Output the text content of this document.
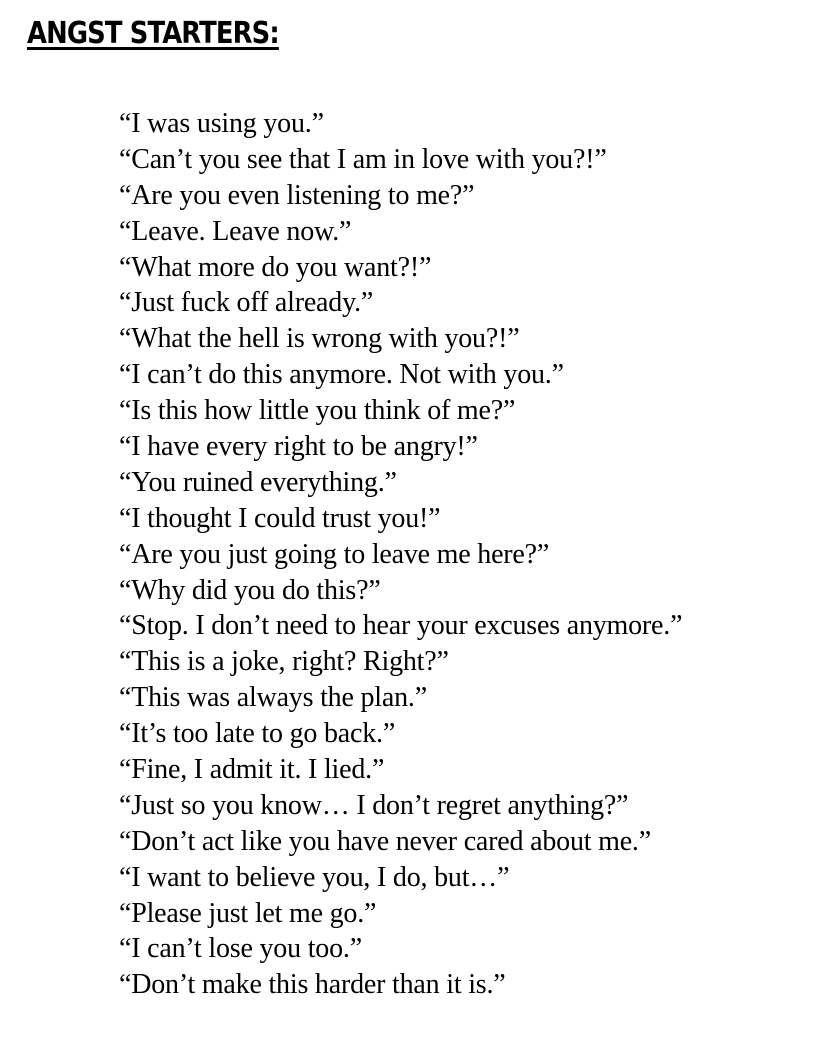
ANGST STARTERS:
“I was using you.”
“Can’t you see that I am in love with you?!”
“Are you even listening to me?”
“Leave. Leave now.”
“What more do you want?!”
“Just fuck off already.”
“What the hell is wrong with you?!”
“I can’t do this anymore. Not with you.”
“Is this how little you think of me?”
“I have every right to be angry!”
“You ruined everything.”
“I thought I could trust you!”
“Are you just going to leave me here?”
“Why did you do this?”
“Stop. I don’t need to hear your excuses anymore.”
“This is a joke, right? Right?”
“This was always the plan.”
“It’s too late to go back.”
“Fine, I admit it. I lied.”
“Just so you know… I don’t regret anything?”
“Don’t act like you have never cared about me.”
“I want to believe you, I do, but…”
“Please just let me go.”
“I can’t lose you too.”
“Don’t make this harder than it is.”
